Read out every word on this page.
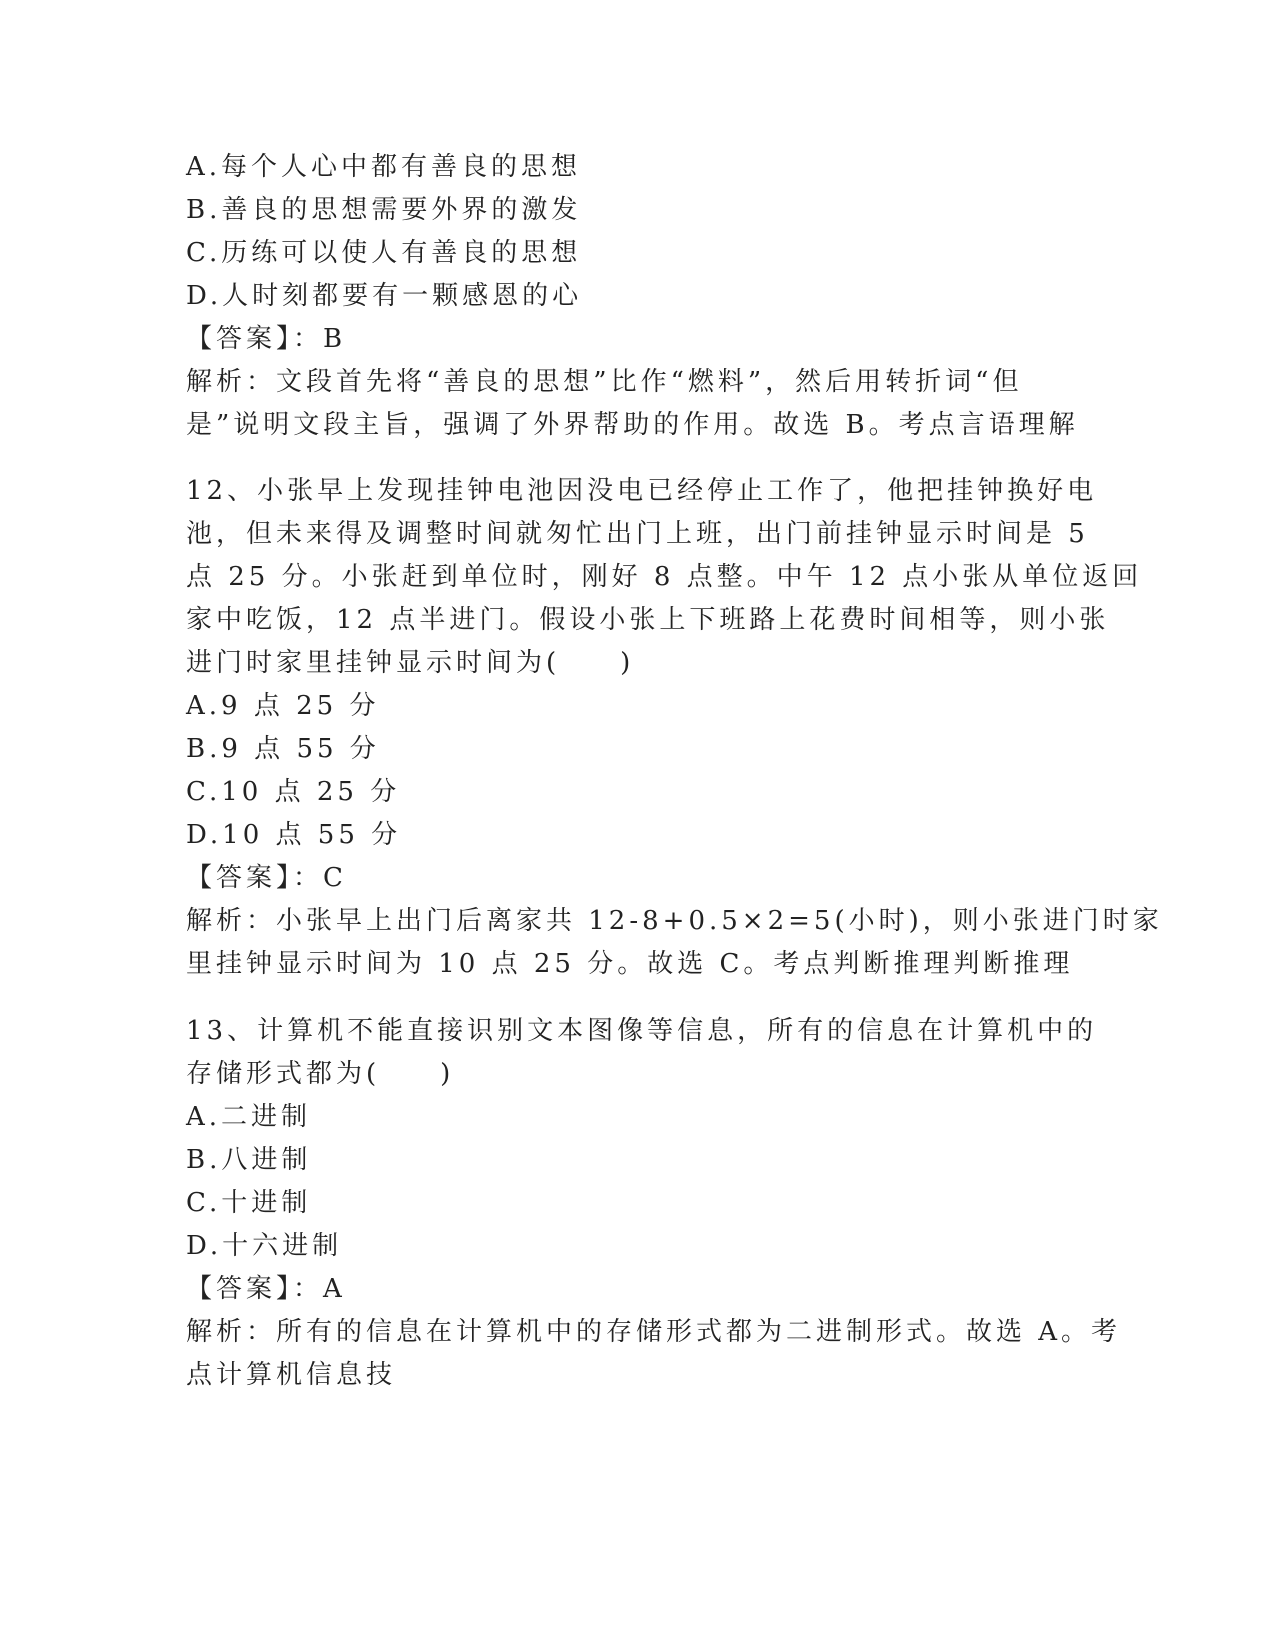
A.每个人心中都有善良的思想
B.善良的思想需要外界的激发
C.历练可以使人有善良的思想
D.人时刻都要有一颗感恩的心
【答案】：B
解析：文段首先将“善良的思想”比作“燃料”，然后用转折词“但
是”说明文段主旨，强调了外界帮助的作用。故选 B。考点言语理解
12、小张早上发现挂钟电池因没电已经停止工作了，他把挂钟换好电
池，但未来得及调整时间就匆忙出门上班，出门前挂钟显示时间是 5
点 25 分。小张赶到单位时，刚好 8 点整。中午 12 点小张从单位返回
家中吃饭，12 点半进门。假设小张上下班路上花费时间相等，则小张
进门时家里挂钟显示时间为(　　)
A.9 点 25 分
B.9 点 55 分
C.10 点 25 分
D.10 点 55 分
【答案】：C
解析：小张早上出门后离家共 12-8+0.5×2=5(小时)，则小张进门时家
里挂钟显示时间为 10 点 25 分。故选 C。考点判断推理判断推理
13、计算机不能直接识别文本图像等信息，所有的信息在计算机中的
存储形式都为(　　)
A.二进制
B.八进制
C.十进制
D.十六进制
【答案】：A
解析：所有的信息在计算机中的存储形式都为二进制形式。故选 A。考
点计算机信息技
